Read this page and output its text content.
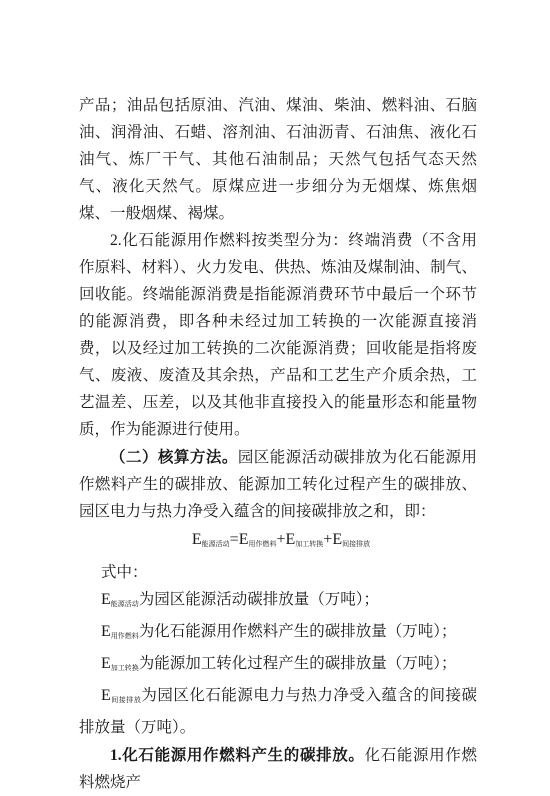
产品；油品包括原油、汽油、煤油、柴油、燃料油、石脑油、润滑油、石蜡、溶剂油、石油沥青、石油焦、液化石油气、炼厂干气、其他石油制品；天然气包括气态天然气、液化天然气。原煤应进一步细分为无烟煤、炼焦烟煤、一般烟煤、褐煤。

2.化石能源用作燃料按类型分为：终端消费（不含用作原料、材料）、火力发电、供热、炼油及煤制油、制气、回收能。终端能源消费是指能源消费环节中最后一个环节的能源消费，即各种未经过加工转换的一次能源直接消费，以及经过加工转换的二次能源消费；回收能是指将废气、废液、废渣及其余热，产品和工艺生产介质余热，工艺温差、压差，以及其他非直接投入的能量形态和能量物质，作为能源进行使用。

（二）核算方法。园区能源活动碳排放为化石能源用作燃料产生的碳排放、能源加工转化过程产生的碳排放、园区电力与热力净受入蕴含的间接碳排放之和，即：

$E_{能源活动}=E_{用作燃料}+E_{加工转换}+E_{间接排放}$

式中：

$E_{能源活动}$为园区能源活动碳排放量（万吨）；
$E_{用作燃料}$为化石能源用作燃料产生的碳排放量（万吨）；
$E_{加工转换}$为能源加工转化过程产生的碳排放量（万吨）；
$E_{间接排放}$为园区化石能源电力与热力净受入蕴含的间接碳排放量（万吨）。

1.化石能源用作燃料产生的碳排放。化石能源用作燃料燃烧产
